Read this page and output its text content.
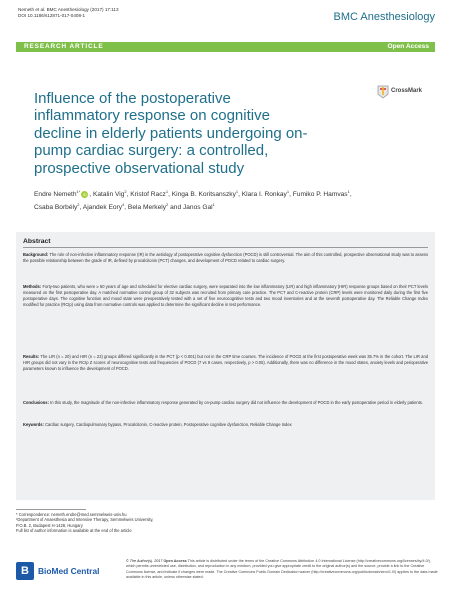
Nemeth et al. BMC Anesthesiology (2017) 17:113
DOI 10.1186/s12871-017-0408-1	BMC Anesthesiology
RESEARCH ARTICLE	Open Access
CrossMark
Influence of the postoperative
inflammatory response on cognitive
decline in elderly patients undergoing on-
pump cardiac surgery: a controlled,
prospective observational study
Endre Nemeth$^{1*}$iD , Katalin Vig$^2$, Kristof Racz$^1$, Kinga B. Koritsanszky$^1$, Klara I. Ronkay$^1$, Fumiko P. Hamvas$^1$, Csaba Borbély$^2$, Ajandek Eory$^4$, Bela Merkely$^2$ and Janos Gal$^1$
Abstract
Background: The role of non-infective inflammatory response (IR) in the aetiology of postoperative cognitive dysfunction (POCD) is still controversial. The aim of this controlled, prospective observational study was to assess the possible relationship between the grade of IR, defined by procalcitonin (PCT) changes, and development of POCD related to cardiac surgery.
Methods: Forty-two patients, who were ≥ 60 years of age and scheduled for elective cardiac surgery, were separated into the low inflammatory (LIR) and high inflammatory (HIR) response groups based on their PCT levels measured on the first postoperative day. A matched normative control group of 32 subjects was recruited from primary care practice. The PCT and C-reactive protein (CRP) levels were monitored daily during the first five postoperative days. The cognitive function and mood state were preoperatively tested with a set of five neurocognitive tests and two mood inventories and at the seventh postoperative day. The Reliable Change Index modified for practice (RCIp) using data from normative controls was applied to determine the significant decline in test performance.
Results: The LIR (n = 20) and HIR (n = 22) groups differed significantly in the PCT (p < 0.001) but not in the CRP time courses. The incidence of POCD at the first postoperative week was 35.7% in the cohort. The LIR and HIR groups did not vary in the RCIp Z scores of neurocognitive tests and frequencies of POCD (7 vs 8 cases, respectively, p > 0.05). Additionally, there was no difference in the mood states, anxiety levels and perioperative parameters known to influence the development of POCD.
Conclusions: In this study, the magnitude of the non-infective inflammatory response generated by on-pump cardiac surgery did not influence the development of POCD in the early postoperative period in elderly patients.
Keywords: Cardiac surgery, Cardiopulmonary bypass, Procalcitonin, C-reactive protein, Postoperative cognitive dysfunction, Reliable Change Index
* Correspondence: nemeth.endre@med.semmelweis-univ.hu
¹Department of Anaesthesia and Intensive Therapy, Semmelweis University,
P.O.B. 2, Budapest H-1428, Hungary
Full list of author information is available at the end of the article
B	BioMed Central
© The Author(s). 2017 Open Access This article is distributed under the terms of the Creative Commons Attribution 4.0 International License (http://creativecommons.org/licenses/by/4.0/), which permits unrestricted use, distribution, and reproduction in any medium, provided you give appropriate credit to the original author(s) and the source, provide a link to the Creative Commons license, and indicate if changes were made. The Creative Commons Public Domain Dedication waiver (http://creativecommons.org/publicdomain/zero/1.0/) applies to the data made available in this article, unless otherwise stated.
